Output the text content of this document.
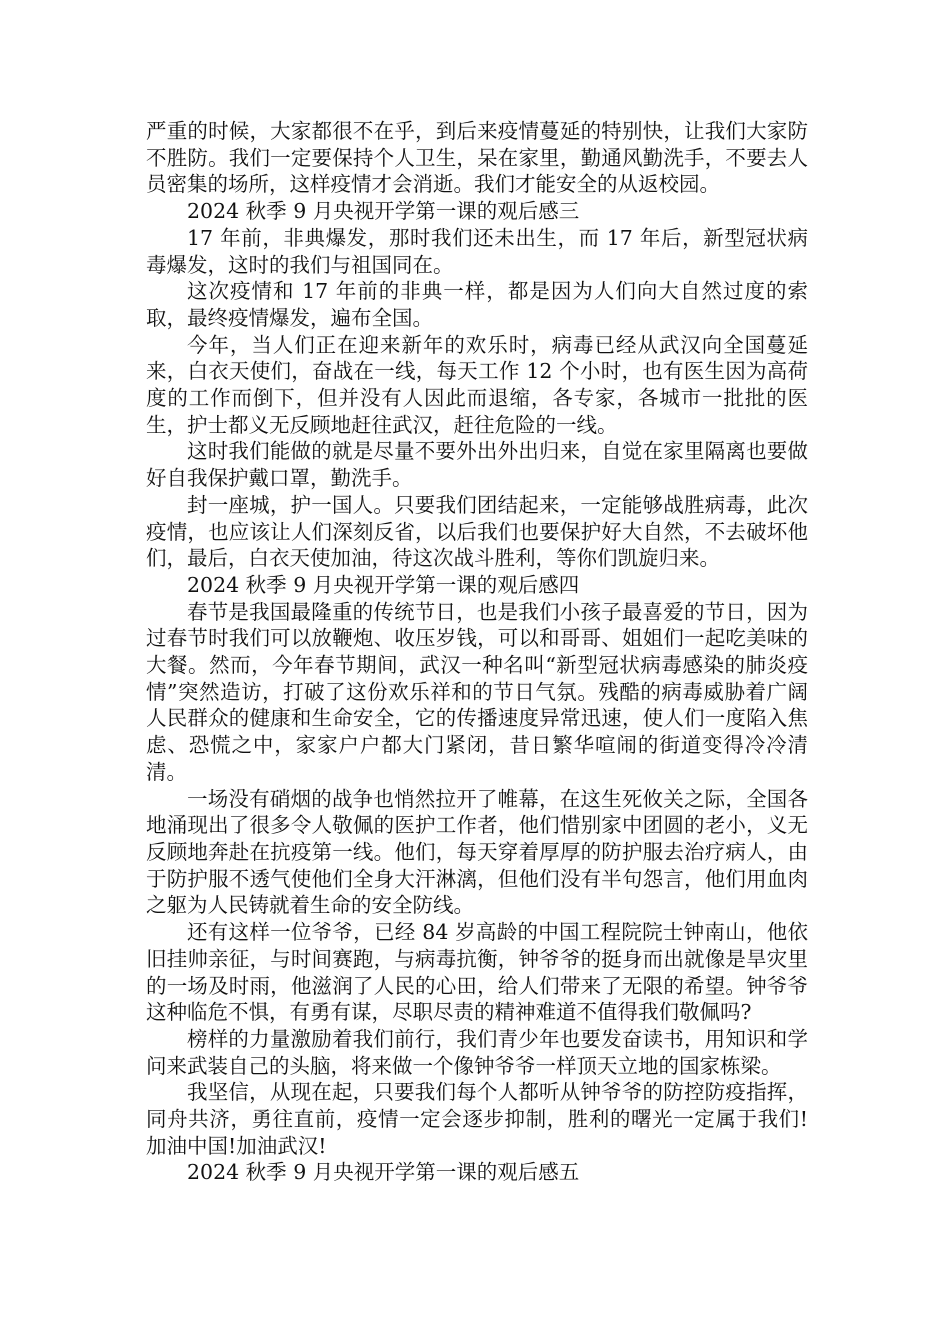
严重的时候，大家都很不在乎，到后来疫情蔓延的特别快，让我们大家防不胜防。我们一定要保持个人卫生，呆在家里，勤通风勤洗手，不要去人员密集的场所，这样疫情才会消逝。我们才能安全的从返校园。

2024 秋季 9 月央视开学第一课的观后感三

17 年前，非典爆发，那时我们还未出生，而 17 年后，新型冠状病毒爆发，这时的我们与祖国同在。

这次疫情和 17 年前的非典一样，都是因为人们向大自然过度的索取，最终疫情爆发，遍布全国。

今年，当人们正在迎来新年的欢乐时，病毒已经从武汉向全国蔓延来，白衣天使们，奋战在一线，每天工作 12 个小时，也有医生因为高荷度的工作而倒下，但并没有人因此而退缩，各专家，各城市一批批的医生，护士都义无反顾地赶往武汉，赶往危险的一线。

这时我们能做的就是尽量不要外出外出归来，自觉在家里隔离也要做好自我保护戴口罩，勤洗手。

封一座城，护一国人。只要我们团结起来，一定能够战胜病毒，此次疫情，也应该让人们深刻反省，以后我们也要保护好大自然，不去破坏他们，最后，白衣天使加油，待这次战斗胜利，等你们凯旋归来。

2024 秋季 9 月央视开学第一课的观后感四

春节是我国最隆重的传统节日，也是我们小孩子最喜爱的节日，因为过春节时我们可以放鞭炮、收压岁钱，可以和哥哥、姐姐们一起吃美味的大餐。然而，今年春节期间，武汉一种名叫“新型冠状病毒感染的肺炎疫情”突然造访，打破了这份欢乐祥和的节日气氛。残酷的病毒威胁着广阔人民群众的健康和生命安全，它的传播速度异常迅速，使人们一度陷入焦虑、恐慌之中，家家户户都大门紧闭，昔日繁华喧闹的街道变得冷冷清清。

一场没有硝烟的战争也悄然拉开了帷幕，在这生死攸关之际，全国各地涌现出了很多令人敬佩的医护工作者，他们惜别家中团圆的老小，义无反顾地奔赴在抗疫第一线。他们，每天穿着厚厚的防护服去治疗病人，由于防护服不透气使他们全身大汗淋漓，但他们没有半句怨言，他们用血肉之躯为人民铸就着生命的安全防线。

还有这样一位爷爷，已经 84 岁高龄的中国工程院院士钟南山，他依旧挂帅亲征，与时间赛跑，与病毒抗衡，钟爷爷的挺身而出就像是旱灾里的一场及时雨，他滋润了人民的心田，给人们带来了无限的希望。钟爷爷这种临危不惧，有勇有谋，尽职尽责的精神难道不值得我们敬佩吗?

榜样的力量激励着我们前行，我们青少年也要发奋读书，用知识和学问来武装自己的头脑，将来做一个像钟爷爷一样顶天立地的国家栋梁。

我坚信，从现在起，只要我们每个人都听从钟爷爷的防控防疫指挥，同舟共济，勇往直前，疫情一定会逐步抑制，胜利的曙光一定属于我们!加油中国!加油武汉!

2024 秋季 9 月央视开学第一课的观后感五
